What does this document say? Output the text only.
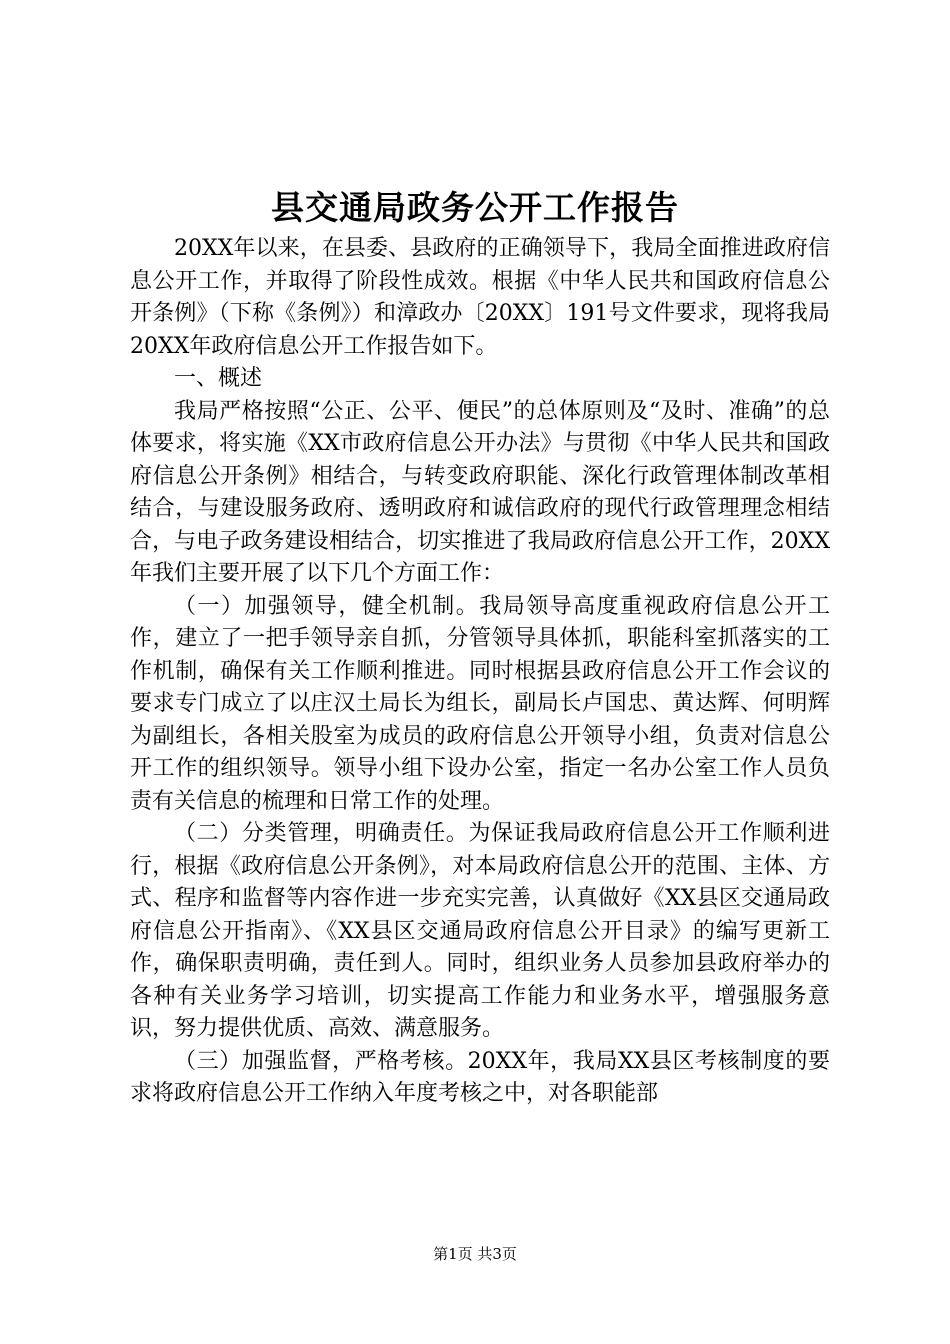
县交通局政务公开工作报告

20XX年以来，在县委、县政府的正确领导下，我局全面推进政府信息公开工作，并取得了阶段性成效。根据《中华人民共和国政府信息公开条例》（下称《条例》）和漳政办〔20XX〕191号文件要求，现将我局20XX年政府信息公开工作报告如下。

一、概述

我局严格按照“公正、公平、便民”的总体原则及“及时、准确”的总体要求，将实施《XX市政府信息公开办法》与贯彻《中华人民共和国政府信息公开条例》相结合，与转变政府职能、深化行政管理体制改革相结合，与建设服务政府、透明政府和诚信政府的现代行政管理理念相结合，与电子政务建设相结合，切实推进了我局政府信息公开工作，20XX年我们主要开展了以下几个方面工作：

（一）加强领导，健全机制。我局领导高度重视政府信息公开工作，建立了一把手领导亲自抓，分管领导具体抓，职能科室抓落实的工作机制，确保有关工作顺利推进。同时根据县政府信息公开工作会议的要求专门成立了以庄汉土局长为组长，副局长卢国忠、黄达辉、何明辉为副组长，各相关股室为成员的政府信息公开领导小组，负责对信息公开工作的组织领导。领导小组下设办公室，指定一名办公室工作人员负责有关信息的梳理和日常工作的处理。

（二）分类管理，明确责任。为保证我局政府信息公开工作顺利进行，根据《政府信息公开条例》，对本局政府信息公开的范围、主体、方式、程序和监督等内容作进一步充实完善，认真做好《XX县区交通局政府信息公开指南》、《XX县区交通局政府信息公开目录》的编写更新工作，确保职责明确，责任到人。同时，组织业务人员参加县政府举办的各种有关业务学习培训，切实提高工作能力和业务水平，增强服务意识，努力提供优质、高效、满意服务。

（三）加强监督，严格考核。20XX年，我局XX县区考核制度的要求将政府信息公开工作纳入年度考核之中，对各职能部

第1页 共3页
